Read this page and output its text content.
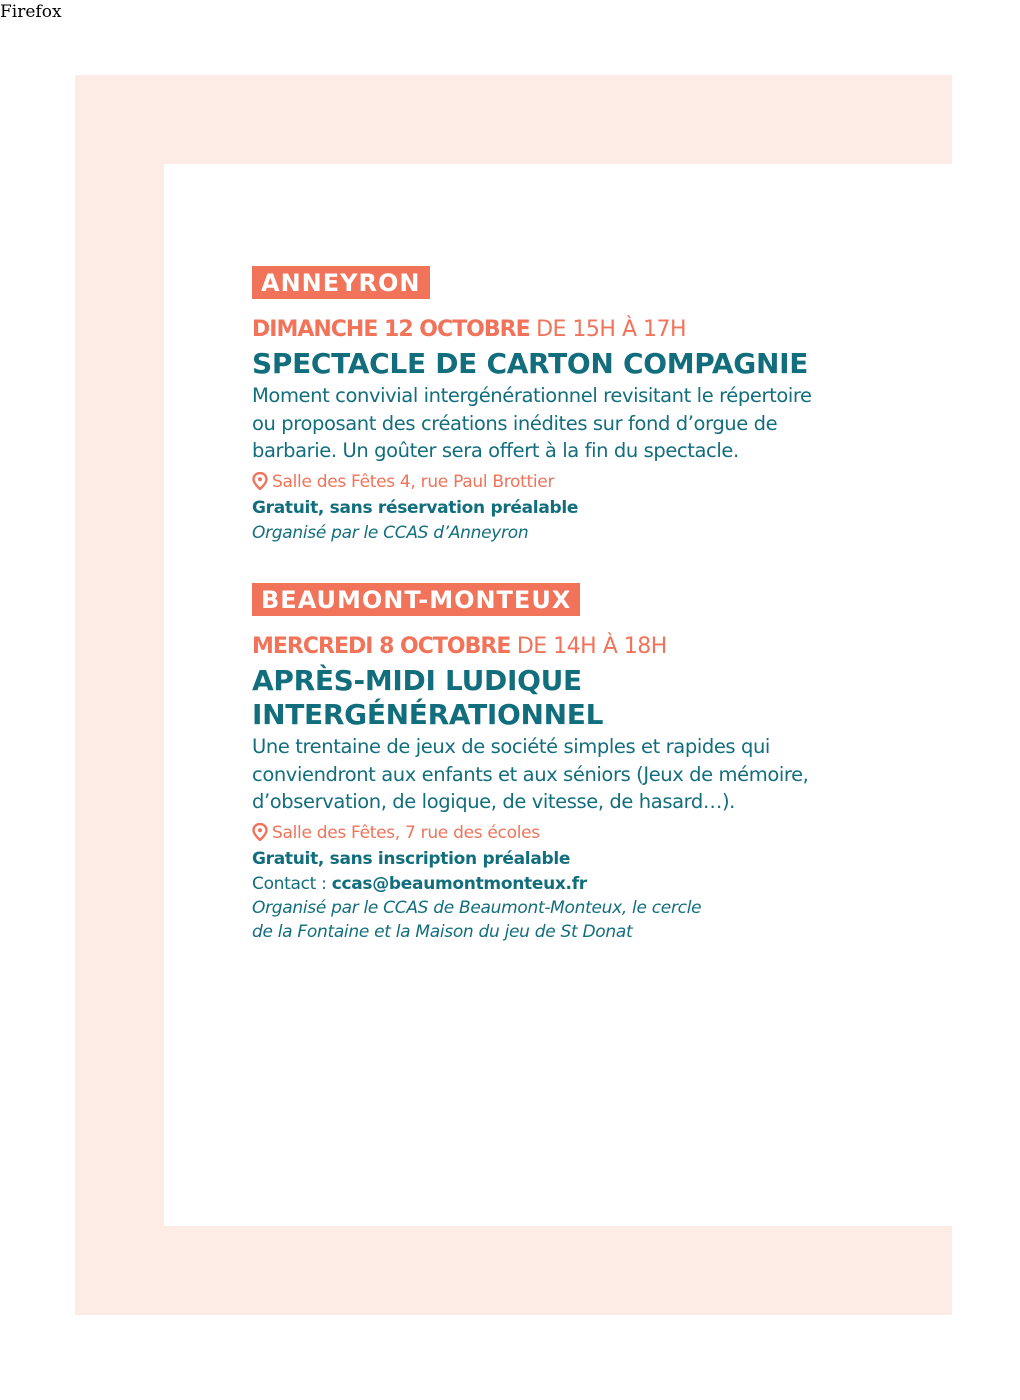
Firefox
ANNEYRON
DIMANCHE 12 OCTOBRE DE 15H À 17H
SPECTACLE DE CARTON COMPAGNIE
Moment convivial intergénérationnel revisitant le répertoire
ou proposant des créations inédites sur fond d’orgue de
barbarie. Un goûter sera offert à la fin du spectacle.
Salle des Fêtes 4, rue Paul Brottier
Gratuit, sans réservation préalable
Organisé par le CCAS d’Anneyron
BEAUMONT-MONTEUX
MERCREDI 8 OCTOBRE DE 14H À 18H
APRÈS-MIDI LUDIQUE
INTERGÉNÉRATIONNEL
Une trentaine de jeux de société simples et rapides qui
conviendront aux enfants et aux séniors (Jeux de mémoire,
d’observation, de logique, de vitesse, de hasard…).
Salle des Fêtes, 7 rue des écoles
Gratuit, sans inscription préalable
Contact : ccas@beaumontmonteux.fr
Organisé par le CCAS de Beaumont-Monteux, le cercle
de la Fontaine et la Maison du jeu de St Donat
